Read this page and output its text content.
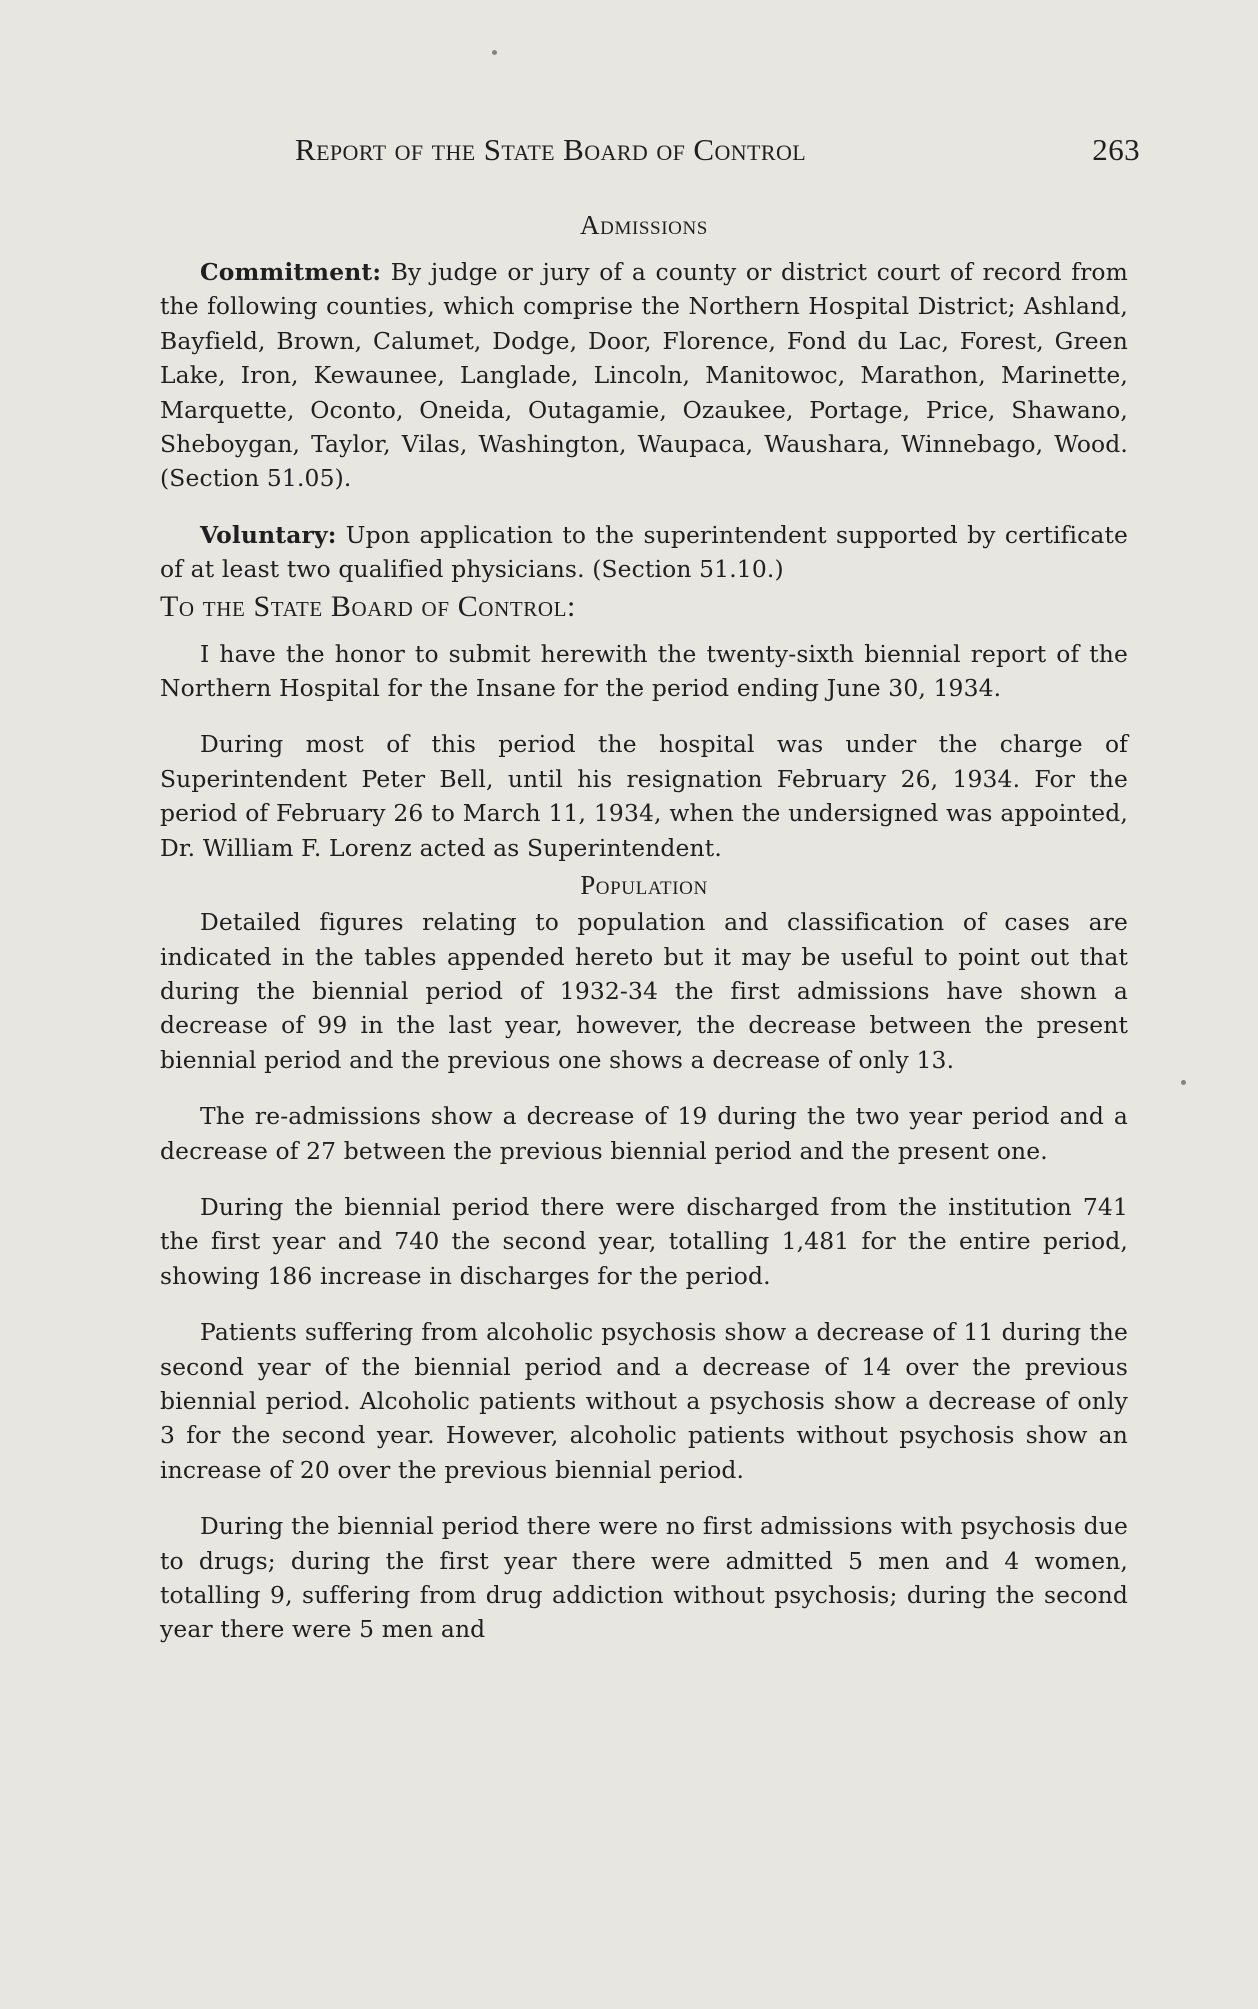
Report of the State Board of Control	263
Admissions

Commitment: By judge or jury of a county or district court of record from the following counties, which comprise the Northern Hospital District; Ashland, Bayfield, Brown, Calumet, Dodge, Door, Florence, Fond du Lac, Forest, Green Lake, Iron, Kewaunee, Langlade, Lincoln, Manitowoc, Marathon, Marinette, Marquette, Oconto, Oneida, Outagamie, Ozaukee, Portage, Price, Shawano, Sheboygan, Taylor, Vilas, Washington, Waupaca, Waushara, Winnebago, Wood. (Section 51.05).

Voluntary: Upon application to the superintendent supported by certificate of at least two qualified physicians. (Section 51.10.)

To the State Board of Control:

I have the honor to submit herewith the twenty-sixth biennial report of the Northern Hospital for the Insane for the period ending June 30, 1934.

During most of this period the hospital was under the charge of Superintendent Peter Bell, until his resignation February 26, 1934. For the period of February 26 to March 11, 1934, when the undersigned was appointed, Dr. William F. Lorenz acted as Superintendent.

Population

Detailed figures relating to population and classification of cases are indicated in the tables appended hereto but it may be useful to point out that during the biennial period of 1932-34 the first admissions have shown a decrease of 99 in the last year, however, the decrease between the present biennial period and the previous one shows a decrease of only 13.

The re-admissions show a decrease of 19 during the two year period and a decrease of 27 between the previous biennial period and the present one.

During the biennial period there were discharged from the institution 741 the first year and 740 the second year, totalling 1,481 for the entire period, showing 186 increase in discharges for the period.

Patients suffering from alcoholic psychosis show a decrease of 11 during the second year of the biennial period and a decrease of 14 over the previous biennial period. Alcoholic patients without a psychosis show a decrease of only 3 for the second year. However, alcoholic patients without psychosis show an increase of 20 over the previous biennial period.

During the biennial period there were no first admissions with psychosis due to drugs; during the first year there were admitted 5 men and 4 women, totalling 9, suffering from drug addiction without psychosis; during the second year there were 5 men and
